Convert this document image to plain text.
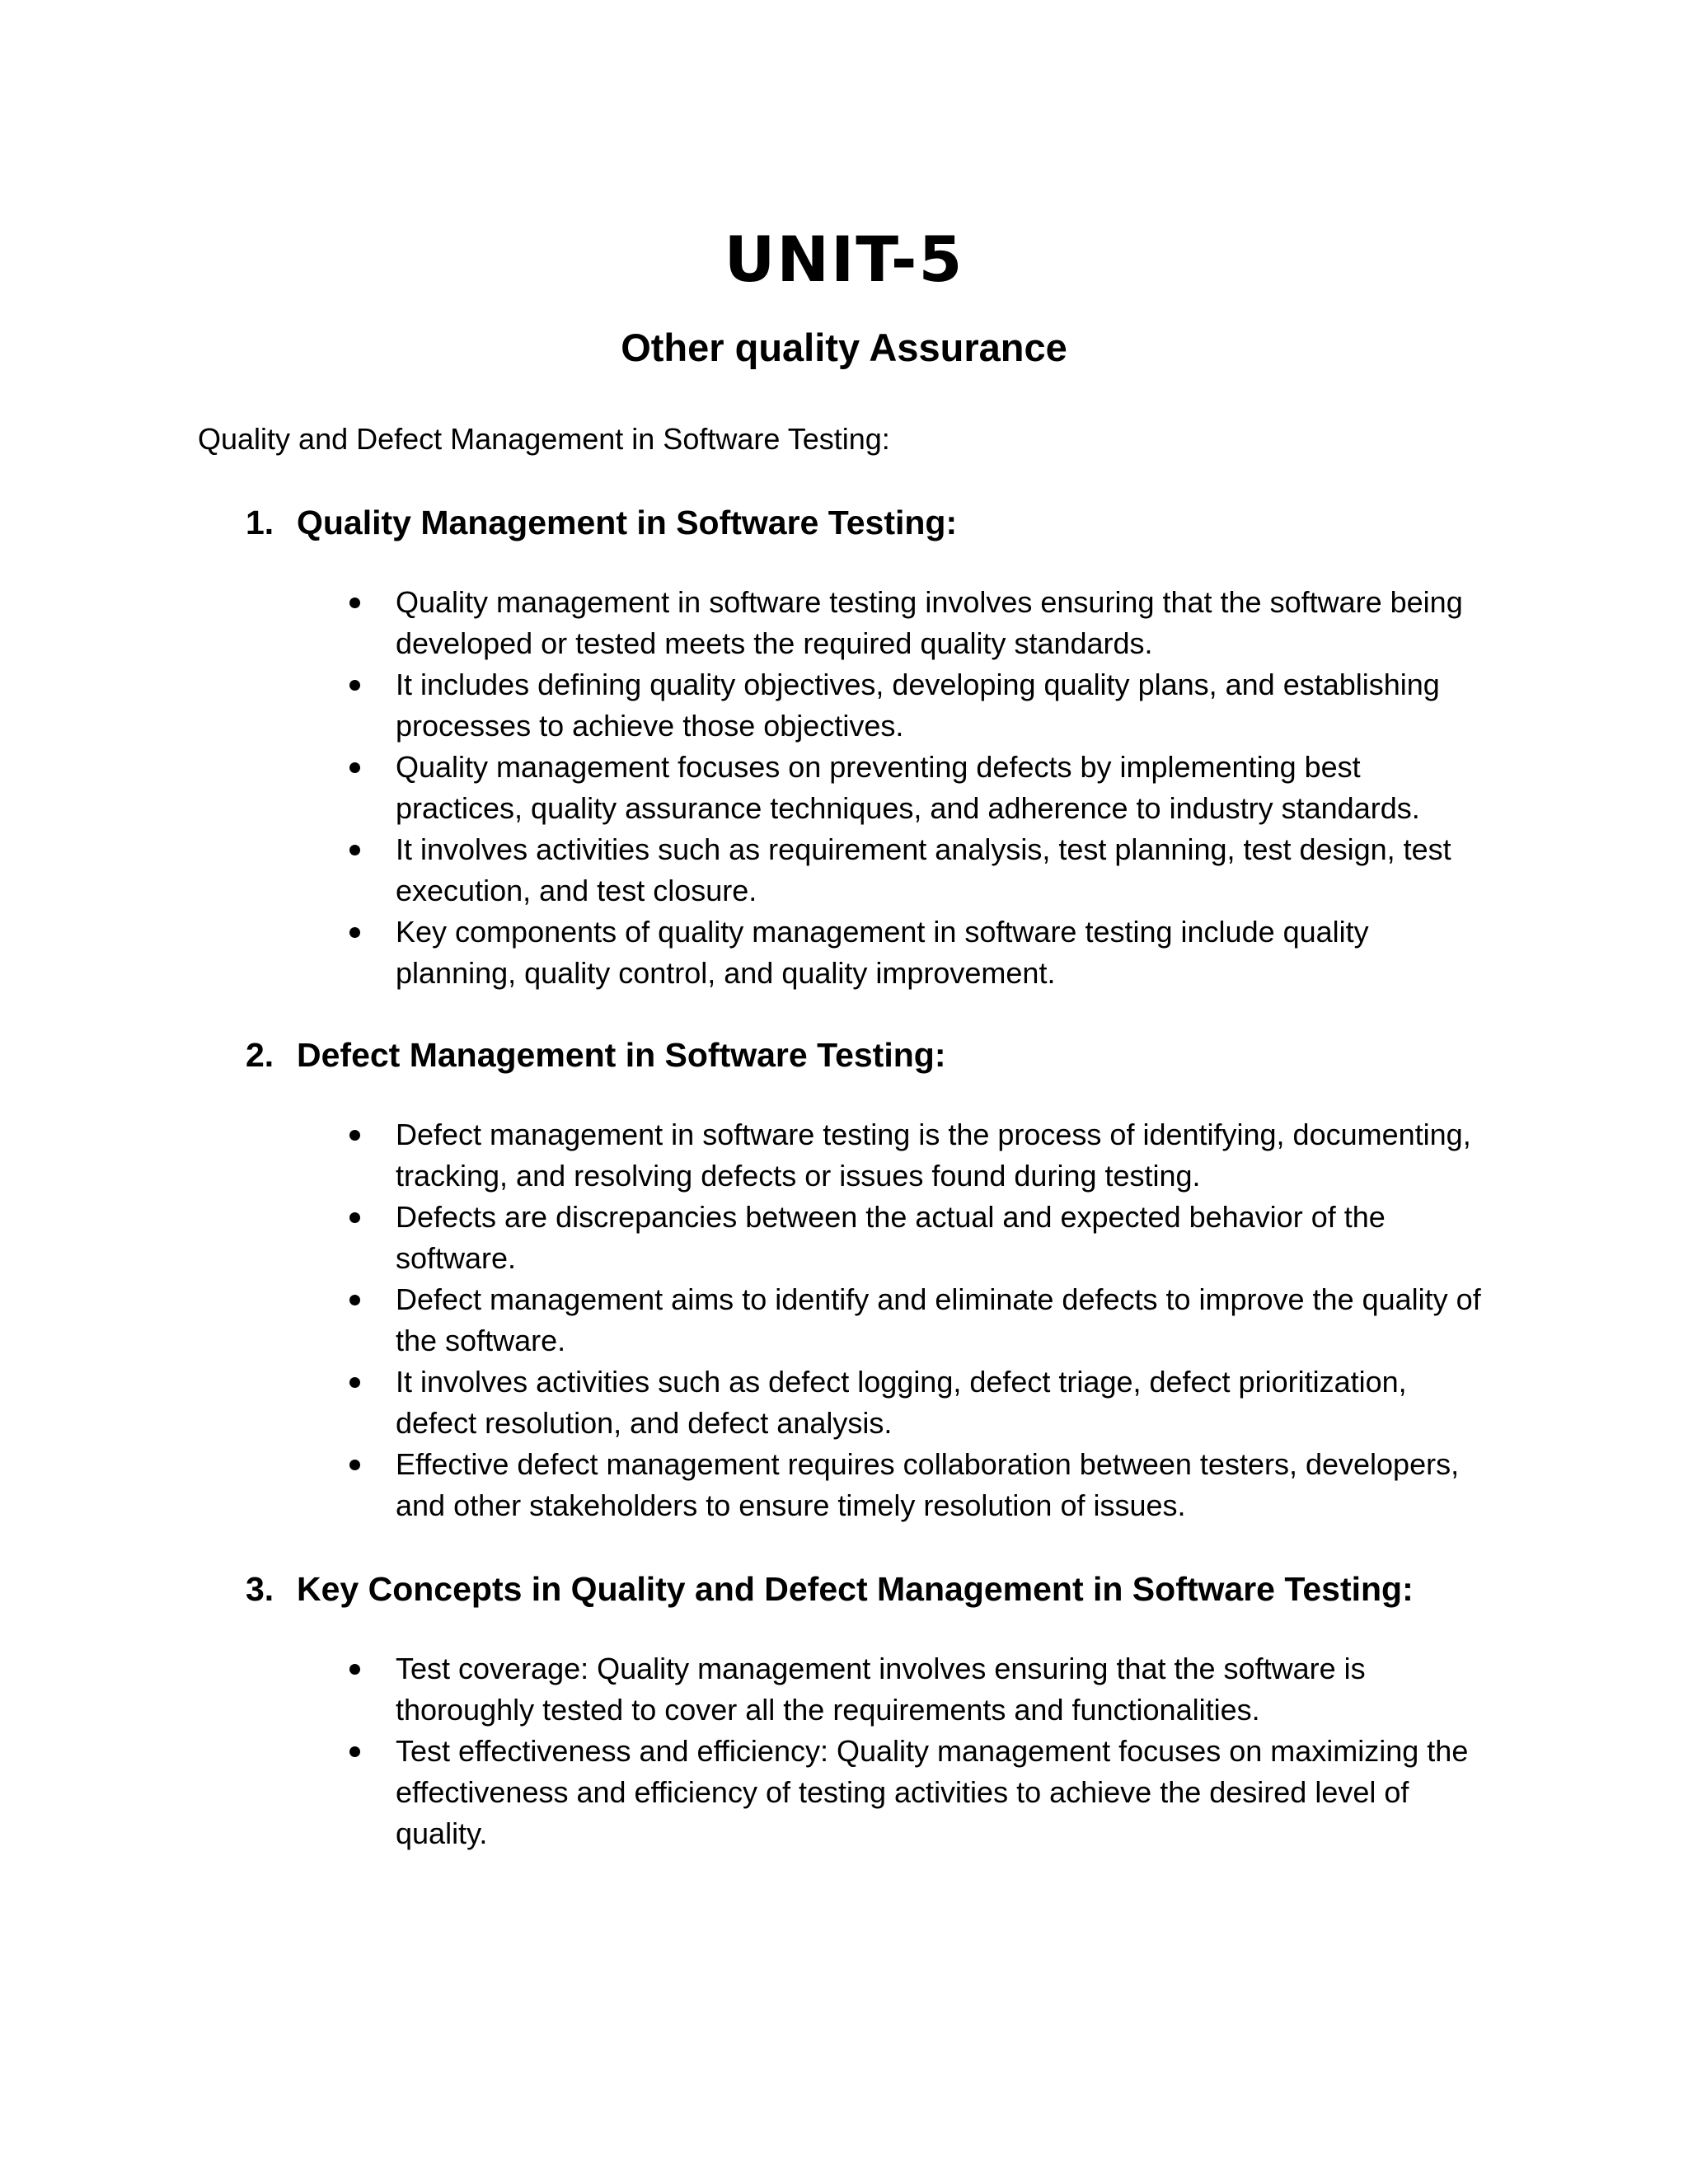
UNIT-5
Other quality Assurance
Quality and Defect Management in Software Testing:
1. Quality Management in Software Testing:
Quality management in software testing involves ensuring that the software being developed or tested meets the required quality standards.
It includes defining quality objectives, developing quality plans, and establishing processes to achieve those objectives.
Quality management focuses on preventing defects by implementing best practices, quality assurance techniques, and adherence to industry standards.
It involves activities such as requirement analysis, test planning, test design, test execution, and test closure.
Key components of quality management in software testing include quality planning, quality control, and quality improvement.
2. Defect Management in Software Testing:
Defect management in software testing is the process of identifying, documenting, tracking, and resolving defects or issues found during testing.
Defects are discrepancies between the actual and expected behavior of the software.
Defect management aims to identify and eliminate defects to improve the quality of the software.
It involves activities such as defect logging, defect triage, defect prioritization, defect resolution, and defect analysis.
Effective defect management requires collaboration between testers, developers, and other stakeholders to ensure timely resolution of issues.
3. Key Concepts in Quality and Defect Management in Software Testing:
Test coverage: Quality management involves ensuring that the software is thoroughly tested to cover all the requirements and functionalities.
Test effectiveness and efficiency: Quality management focuses on maximizing the effectiveness and efficiency of testing activities to achieve the desired level of quality.
